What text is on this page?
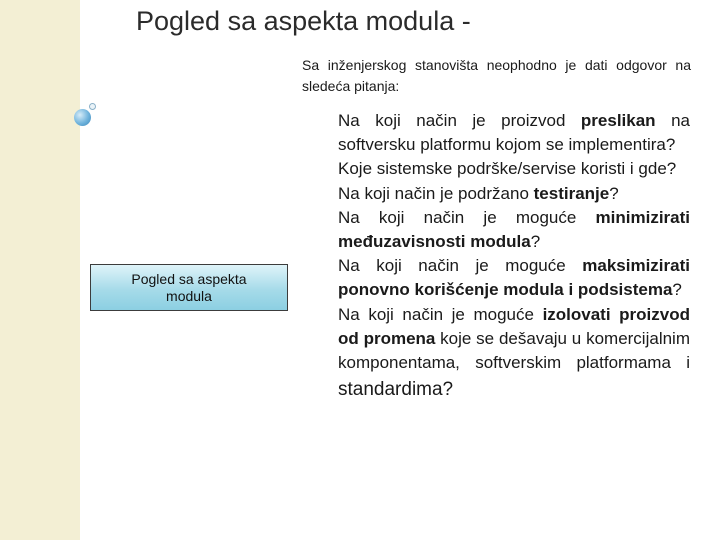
Pogled sa aspekta modula -
Sa inženjerskog stanovišta neophodno je dati odgovor na sledeća pitanja:
Pogled sa aspekta modula
Na koji način je proizvod preslikan na softversku platformu kojom se implementira?
Koje sistemske podrške/servise koristi i gde?
Na koji način je podržano testiranje?
Na koji način je moguće minimizirati međuzavisnosti modula?
Na koji način je moguće maksimizirati ponovno korišćenje modula i podsistema?
Na koji način je moguće izolovati proizvod od promena koje se dešavaju u komercijalnim komponentama, softverskim platformama i
standardima?
